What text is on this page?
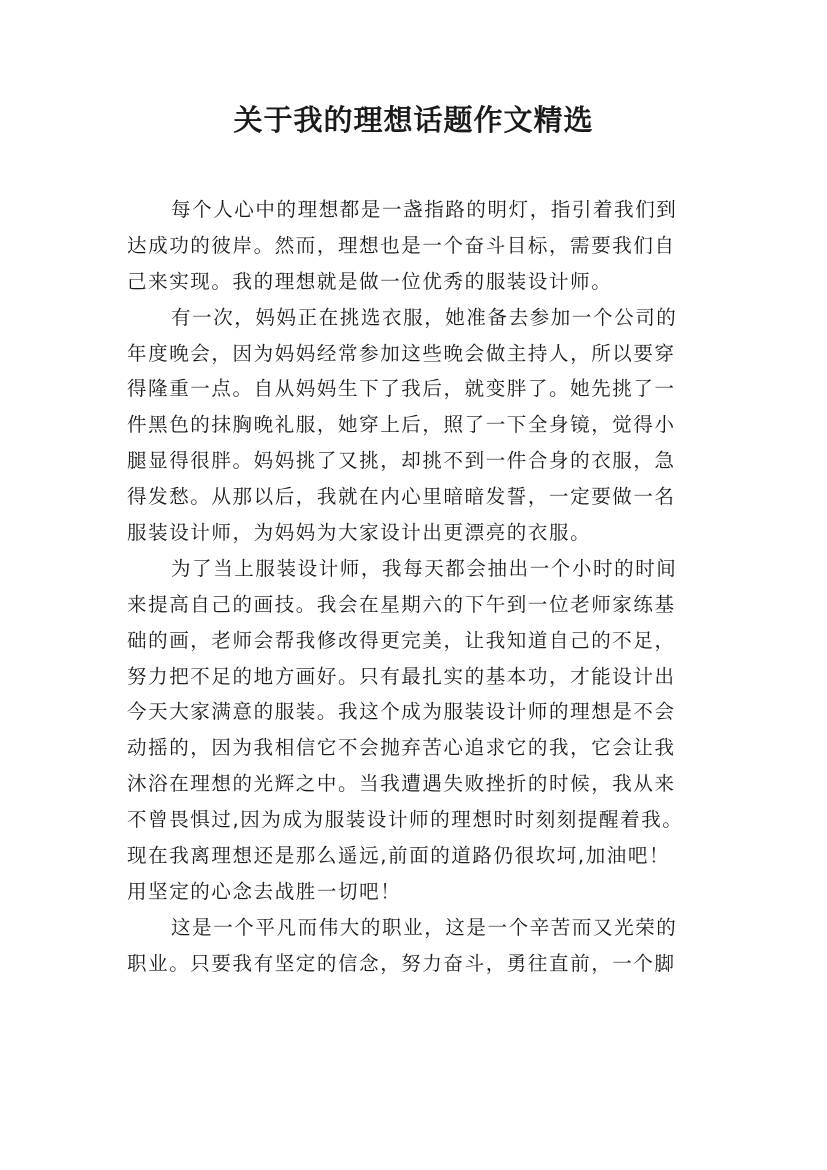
关于我的理想话题作文精选
每个人心中的理想都是一盏指路的明灯，指引着我们到
达成功的彼岸。然而，理想也是一个奋斗目标，需要我们自
己来实现。我的理想就是做一位优秀的服装设计师。
有一次，妈妈正在挑选衣服，她准备去参加一个公司的
年度晚会，因为妈妈经常参加这些晚会做主持人，所以要穿
得隆重一点。自从妈妈生下了我后，就变胖了。她先挑了一
件黑色的抹胸晚礼服，她穿上后，照了一下全身镜，觉得小
腿显得很胖。妈妈挑了又挑，却挑不到一件合身的衣服，急
得发愁。从那以后，我就在内心里暗暗发誓，一定要做一名
服装设计师，为妈妈为大家设计出更漂亮的衣服。
为了当上服装设计师，我每天都会抽出一个小时的时间
来提高自己的画技。我会在星期六的下午到一位老师家练基
础的画，老师会帮我修改得更完美，让我知道自己的不足，
努力把不足的地方画好。只有最扎实的基本功，才能设计出
今天大家满意的服装。我这个成为服装设计师的理想是不会
动摇的，因为我相信它不会抛弃苦心追求它的我，它会让我
沐浴在理想的光辉之中。当我遭遇失败挫折的时候，我从来
不曾畏惧过,因为成为服装设计师的理想时时刻刻提醒着我。
现在我离理想还是那么遥远,前面的道路仍很坎坷,加油吧！
用坚定的心念去战胜一切吧！
这是一个平凡而伟大的职业，这是一个辛苦而又光荣的
职业。只要我有坚定的信念，努力奋斗，勇往直前，一个脚
